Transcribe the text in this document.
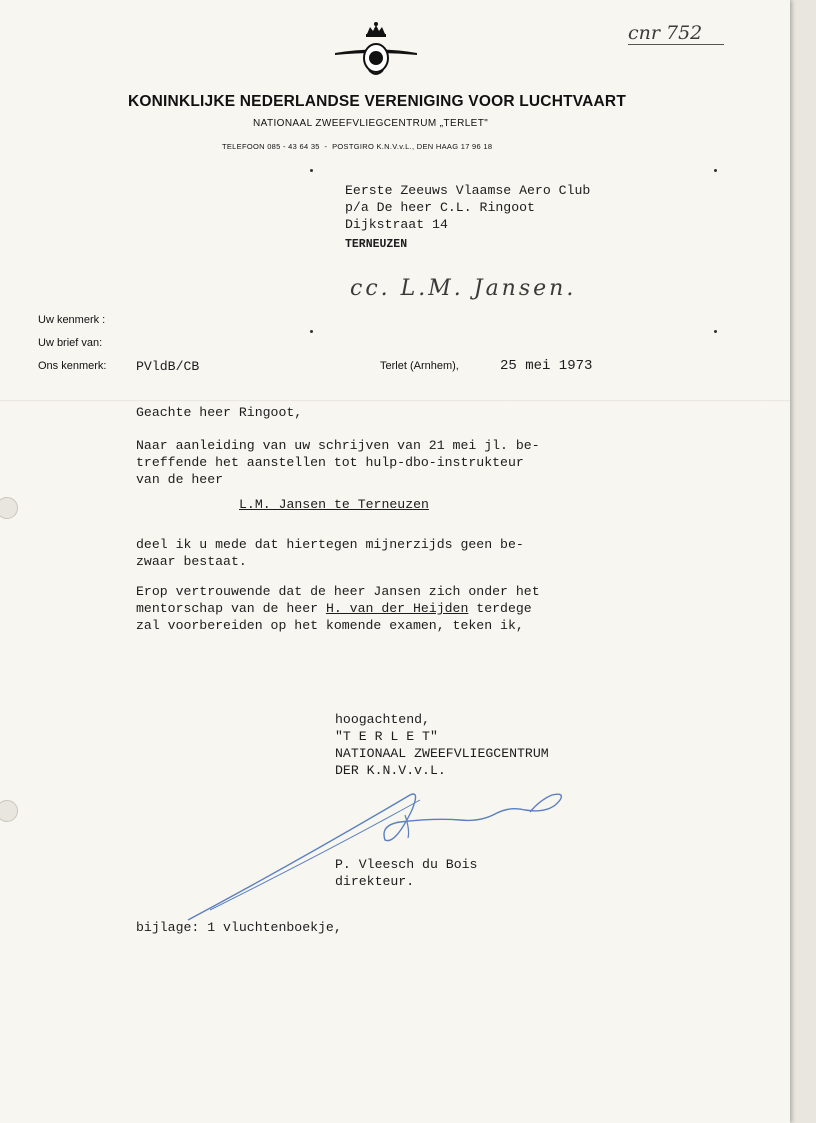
cnr 752
KONINKLIJKE NEDERLANDSE VERENIGING VOOR LUCHTVAART
NATIONAAL ZWEEFVLIEGCENTRUM „TERLET"
TELEFOON 085 - 43 64 35  -  POSTGIRO K.N.V.v.L., DEN HAAG 17 96 18
Eerste Zeeuws Vlaamse Aero Club
p/a De heer C.L. Ringoot
Dijkstraat 14
TERNEUZEN
cc. L.M. Jansen.
Uw kenmerk :
Uw brief van:
Ons kenmerk: PVldB/CB	Terlet (Arnhem),	25 mei 1973
Geachte heer Ringoot,
Naar aanleiding van uw schrijven van 21 mei jl. be-
treffende het aanstellen tot hulp-dbo-instrukteur
van de heer
L.M. Jansen te Terneuzen
deel ik u mede dat hiertegen mijnerzijds geen be-
zwaar bestaat.
Erop vertrouwende dat de heer Jansen zich onder het
mentorschap van de heer H. van der Heijden terdege
zal voorbereiden op het komende examen, teken ik,
hoogachtend,
"T E R L E T"
NATIONAAL ZWEEFVLIEGCENTRUM
DER K.N.V.v.L.
P. Vleesch du Bois
direkteur.
bijlage: 1 vluchtenboekje,
